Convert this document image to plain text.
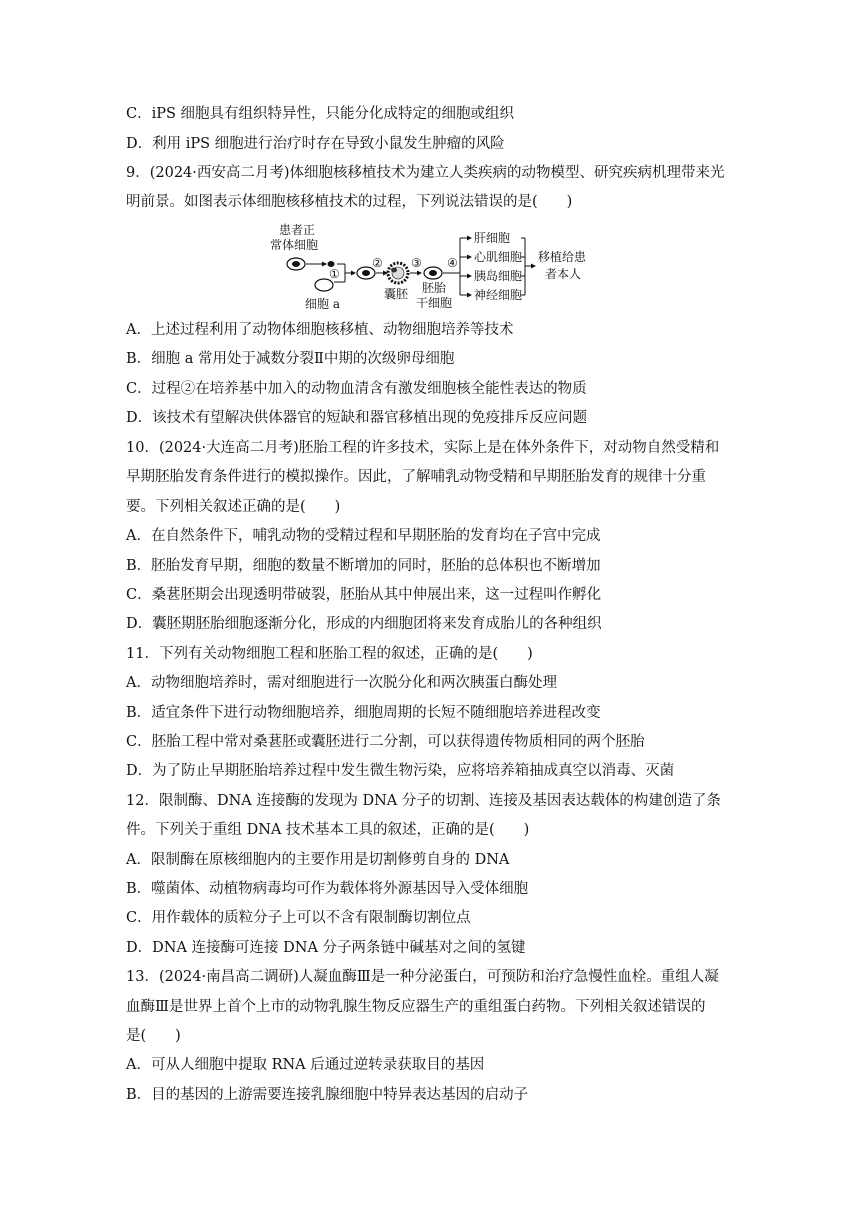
C．iPS 细胞具有组织特异性，只能分化成特定的细胞或组织
D．利用 iPS 细胞进行治疗时存在导致小鼠发生肿瘤的风险
9．(2024·西安高二月考)体细胞核移植技术为建立人类疾病的动物模型、研究疾病机理带来光
明前景。如图表示体细胞核移植技术的过程，下列说法错误的是(　　)
患者正
常体细胞
①
细胞 a
②
囊胚
③
胚胎
干细胞
④
肝细胞
心肌细胞
胰岛细胞
神经细胞
移植给患
者本人
A．上述过程利用了动物体细胞核移植、动物细胞培养等技术
B．细胞 a 常用处于减数分裂Ⅱ中期的次级卵母细胞
C．过程②在培养基中加入的动物血清含有激发细胞核全能性表达的物质
D．该技术有望解决供体器官的短缺和器官移植出现的免疫排斥反应问题
10．(2024·大连高二月考)胚胎工程的许多技术，实际上是在体外条件下，对动物自然受精和
早期胚胎发育条件进行的模拟操作。因此，了解哺乳动物受精和早期胚胎发育的规律十分重
要。下列相关叙述正确的是(　　)
A．在自然条件下，哺乳动物的受精过程和早期胚胎的发育均在子宫中完成
B．胚胎发育早期，细胞的数量不断增加的同时，胚胎的总体积也不断增加
C．桑葚胚期会出现透明带破裂，胚胎从其中伸展出来，这一过程叫作孵化
D．囊胚期胚胎细胞逐渐分化，形成的内细胞团将来发育成胎儿的各种组织
11．下列有关动物细胞工程和胚胎工程的叙述，正确的是(　　)
A．动物细胞培养时，需对细胞进行一次脱分化和两次胰蛋白酶处理
B．适宜条件下进行动物细胞培养，细胞周期的长短不随细胞培养进程改变
C．胚胎工程中常对桑葚胚或囊胚进行二分割，可以获得遗传物质相同的两个胚胎
D．为了防止早期胚胎培养过程中发生微生物污染，应将培养箱抽成真空以消毒、灭菌
12．限制酶、DNA 连接酶的发现为 DNA 分子的切割、连接及基因表达载体的构建创造了条
件。下列关于重组 DNA 技术基本工具的叙述，正确的是(　　)
A．限制酶在原核细胞内的主要作用是切割修剪自身的 DNA
B．噬菌体、动植物病毒均可作为载体将外源基因导入受体细胞
C．用作载体的质粒分子上可以不含有限制酶切割位点
D．DNA 连接酶可连接 DNA 分子两条链中碱基对之间的氢键
13．(2024·南昌高二调研)人凝血酶Ⅲ是一种分泌蛋白，可预防和治疗急慢性血栓。重组人凝
血酶Ⅲ是世界上首个上市的动物乳腺生物反应器生产的重组蛋白药物。下列相关叙述错误的
是(　　)
A．可从人细胞中提取 RNA 后通过逆转录获取目的基因
B．目的基因的上游需要连接乳腺细胞中特异表达基因的启动子
